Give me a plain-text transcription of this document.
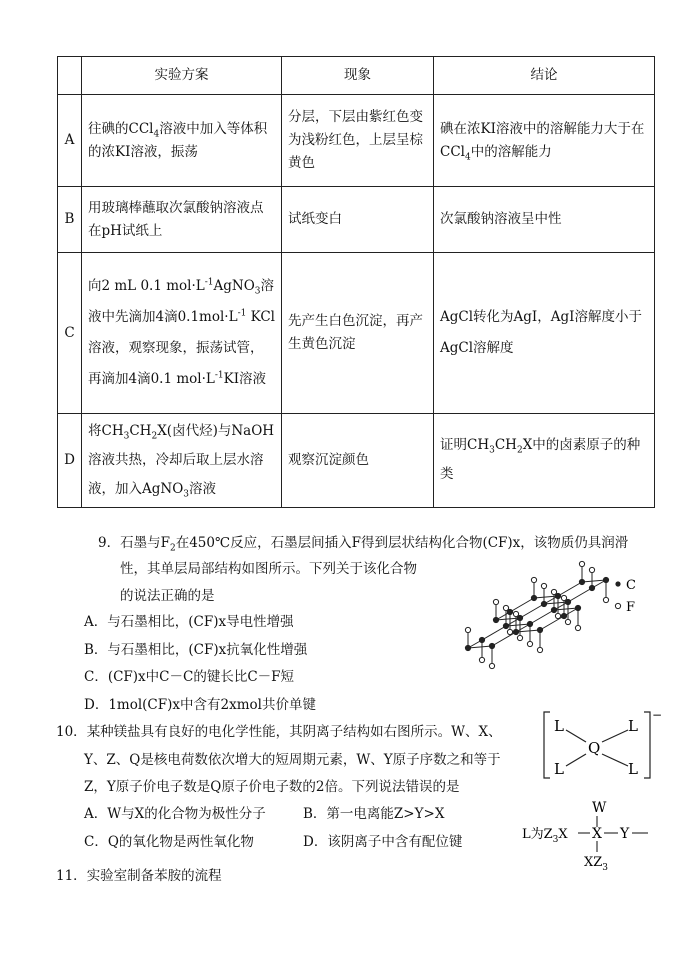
	实验方案	现象	结论
A	往碘的CCl$_4$溶液中加入等体积的浓KI溶液，振荡	分层，下层由紫红色变为浅粉红色，上层呈棕黄色	碘在浓KI溶液中的溶解能力大于在CCl$_4$中的溶解能力
B	用玻璃棒蘸取次氯酸钠溶液点在pH试纸上	试纸变白	次氯酸钠溶液呈中性
C	向2 mL 0.1 $mol\cdot L^{-1}AgNO_3$溶液中先滴加4滴$0.1mol\cdot L^{-1}$ KCl溶液，观察现象，振荡试管，再滴加4滴0.1 $mol\cdot L^{-1}KI$溶液	先产生白色沉淀，再产生黄色沉淀	AgCl转化为AgI，AgI溶解度小于AgCl溶解度
D	将$CH_3CH_2X$(卤代烃)与NaOH溶液共热，冷却后取上层水溶液，加入AgNO$_3$溶液	观察沉淀颜色	证明$CH_3CH_2X$中的卤素原子的种类
9．石墨与$F_2$在450℃反应，石墨层间插入F得到层状结构化合物(CF)x，该物质仍具润滑
性，其单层局部结构如图所示。下列关于该化合物
的说法正确的是
A．与石墨相比，(CF)x导电性增强
B．与石墨相比，(CF)x抗氧化性增强
C．(CF)x中C－C的键长比C－F短
D．1mol(CF)x中含有2xmol共价单键
C
F
10．某种镁盐具有良好的电化学性能，其阴离子结构如右图所示。W、X、
Y、Z、Q是核电荷数依次增大的短周期元素，W、Y原子序数之和等于
Z，Y原子价电子数是Q原子价电子数的2倍。下列说法错误的是
A．W与X的化合物为极性分子	B．第一电离能Z>Y>X
C．Q的氧化物是两性氧化物	D．该阴离子中含有配位键
L	L
L	L
Q
−
W
L为$Z_3X$ X Y
$XZ_3$
11．实验室制备苯胺的流程
